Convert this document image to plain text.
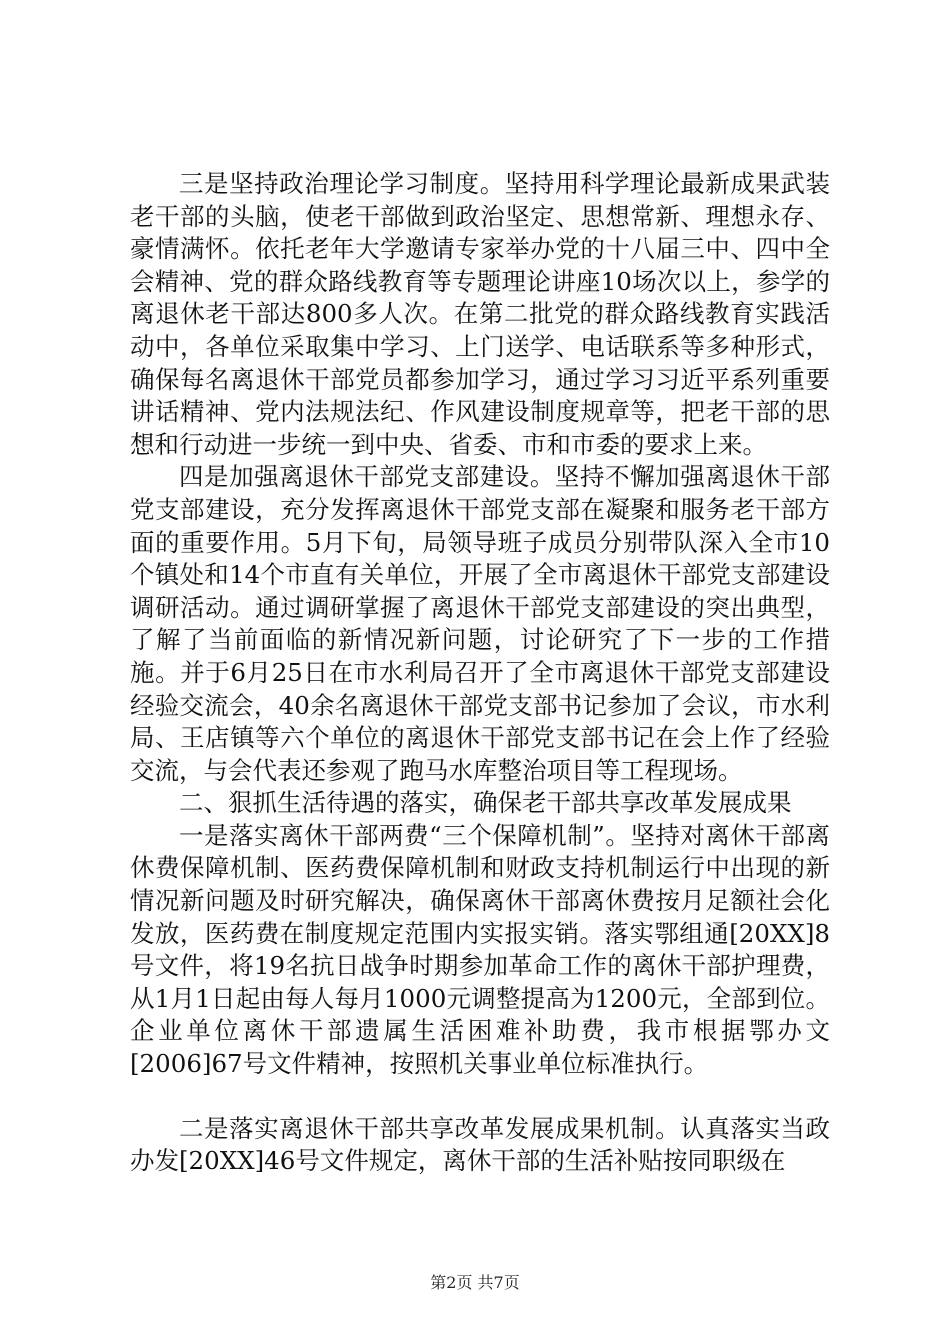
三是坚持政治理论学习制度。坚持用科学理论最新成果武装老干部的头脑，使老干部做到政治坚定、思想常新、理想永存、豪情满怀。依托老年大学邀请专家举办党的十八届三中、四中全会精神、党的群众路线教育等专题理论讲座10场次以上，参学的离退休老干部达800多人次。在第二批党的群众路线教育实践活动中，各单位采取集中学习、上门送学、电话联系等多种形式，确保每名离退休干部党员都参加学习，通过学习习近平系列重要讲话精神、党内法规法纪、作风建设制度规章等，把老干部的思想和行动进一步统一到中央、省委、市和市委的要求上来。

四是加强离退休干部党支部建设。坚持不懈加强离退休干部党支部建设，充分发挥离退休干部党支部在凝聚和服务老干部方面的重要作用。5月下旬，局领导班子成员分别带队深入全市10个镇处和14个市直有关单位，开展了全市离退休干部党支部建设调研活动。通过调研掌握了离退休干部党支部建设的突出典型，了解了当前面临的新情况新问题，讨论研究了下一步的工作措施。并于6月25日在市水利局召开了全市离退休干部党支部建设经验交流会，40余名离退休干部党支部书记参加了会议，市水利局、王店镇等六个单位的离退休干部党支部书记在会上作了经验交流，与会代表还参观了跑马水库整治项目等工程现场。

二、狠抓生活待遇的落实，确保老干部共享改革发展成果

一是落实离休干部两费“三个保障机制”。坚持对离休干部离休费保障机制、医药费保障机制和财政支持机制运行中出现的新情况新问题及时研究解决，确保离休干部离休费按月足额社会化发放，医药费在制度规定范围内实报实销。落实鄂组通[20XX]8号文件，将19名抗日战争时期参加革命工作的离休干部护理费，从1月1日起由每人每月1000元调整提高为1200元，全部到位。企业单位离休干部遗属生活困难补助费，我市根据鄂办文[2006]67号文件精神，按照机关事业单位标准执行。

二是落实离退休干部共享改革发展成果机制。认真落实当政办发[20XX]46号文件规定，离休干部的生活补贴按同职级在

第2页 共7页
